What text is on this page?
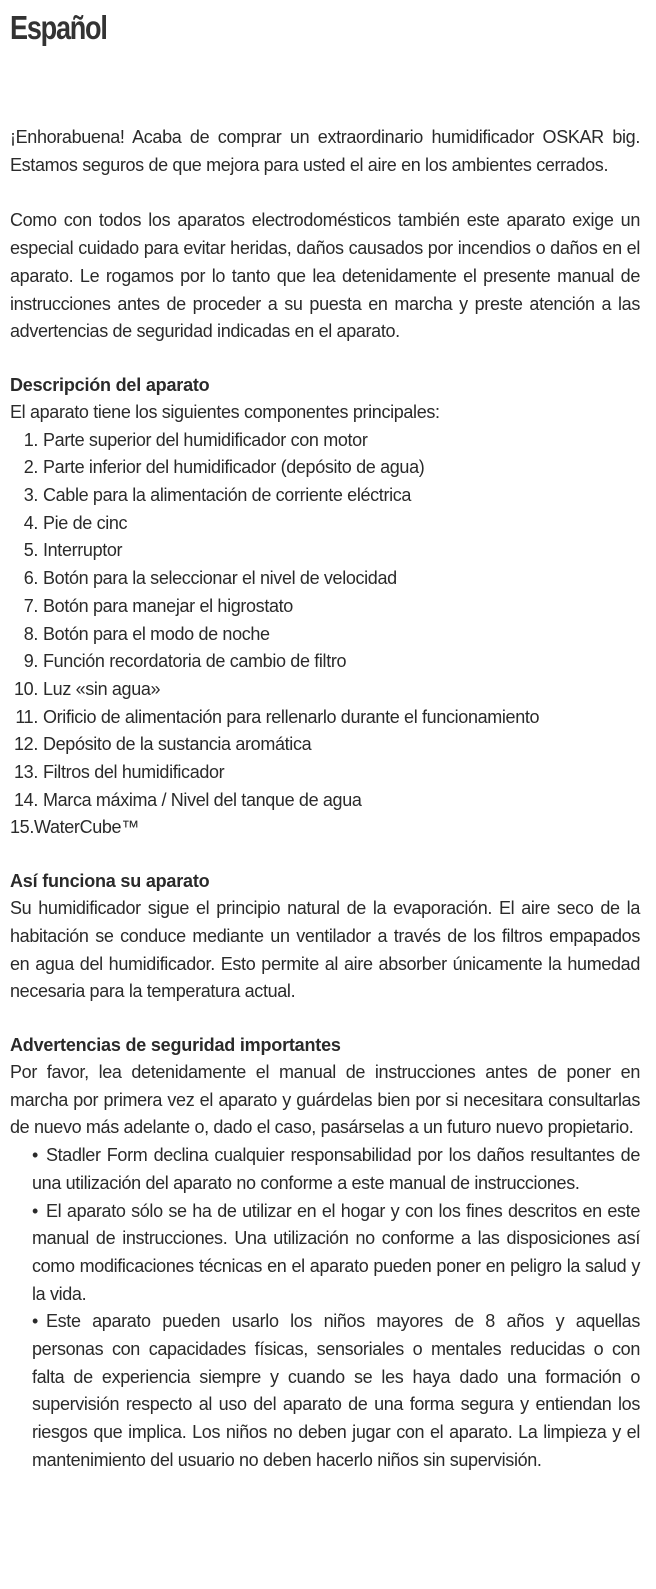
Español

¡Enhorabuena! Acaba de comprar un extraordinario humidificador OSKAR big. Estamos seguros de que mejora para usted el aire en los ambientes cerrados.

Como con todos los aparatos electrodomésticos también este aparato exige un especial cuidado para evitar heridas, daños causados por incendios o daños en el aparato. Le rogamos por lo tanto que lea detenidamente el presente manual de instrucciones antes de proceder a su puesta en marcha y preste atención a las advertencias de seguridad indicadas en el aparato.

Descripción del aparato

El aparato tiene los siguientes componentes principales:

1. Parte superior del humidificador con motor
2. Parte inferior del humidificador (depósito de agua)
3. Cable para la alimentación de corriente eléctrica
4. Pie de cinc
5. Interruptor
6. Botón para la seleccionar el nivel de velocidad
7. Botón para manejar el higrostato
8. Botón para el modo de noche
9. Función recordatoria de cambio de filtro
10. Luz «sin agua»
11. Orificio de alimentación para rellenarlo durante el funcionamiento
12. Depósito de la sustancia aromática
13. Filtros del humidificador
14. Marca máxima / Nivel del tanque de agua
15. WaterCube™
Así funciona su aparato

Su humidificador sigue el principio natural de la evaporación. El aire seco de la habitación se conduce mediante un ventilador a través de los filtros empapados en agua del humidificador. Esto permite al aire absorber únicamente la humedad necesaria para la temperatura actual.

Advertencias de seguridad importantes

Por favor, lea detenidamente el manual de instrucciones antes de poner en marcha por primera vez el aparato y guárdelas bien por si necesitara consultarlas de nuevo más adelante o, dado el caso, pasárselas a un futuro nuevo propietario.

• Stadler Form declina cualquier responsabilidad por los daños resultantes de una utilización del aparato no conforme a este manual de instrucciones.
• El aparato sólo se ha de utilizar en el hogar y con los fines descritos en este manual de instrucciones. Una utilización no conforme a las disposiciones así como modificaciones técnicas en el aparato pueden poner en peligro la salud y la vida.
• Este aparato pueden usarlo los niños mayores de 8 años y aquellas personas con capacidades físicas, sensoriales o mentales reducidas o con falta de experiencia siempre y cuando se les haya dado una formación o supervisión respecto al uso del aparato de una forma segura y entiendan los riesgos que implica. Los niños no deben jugar con el aparato. La limpieza y el mantenimiento del usuario no deben hacerlo niños sin supervisión.
